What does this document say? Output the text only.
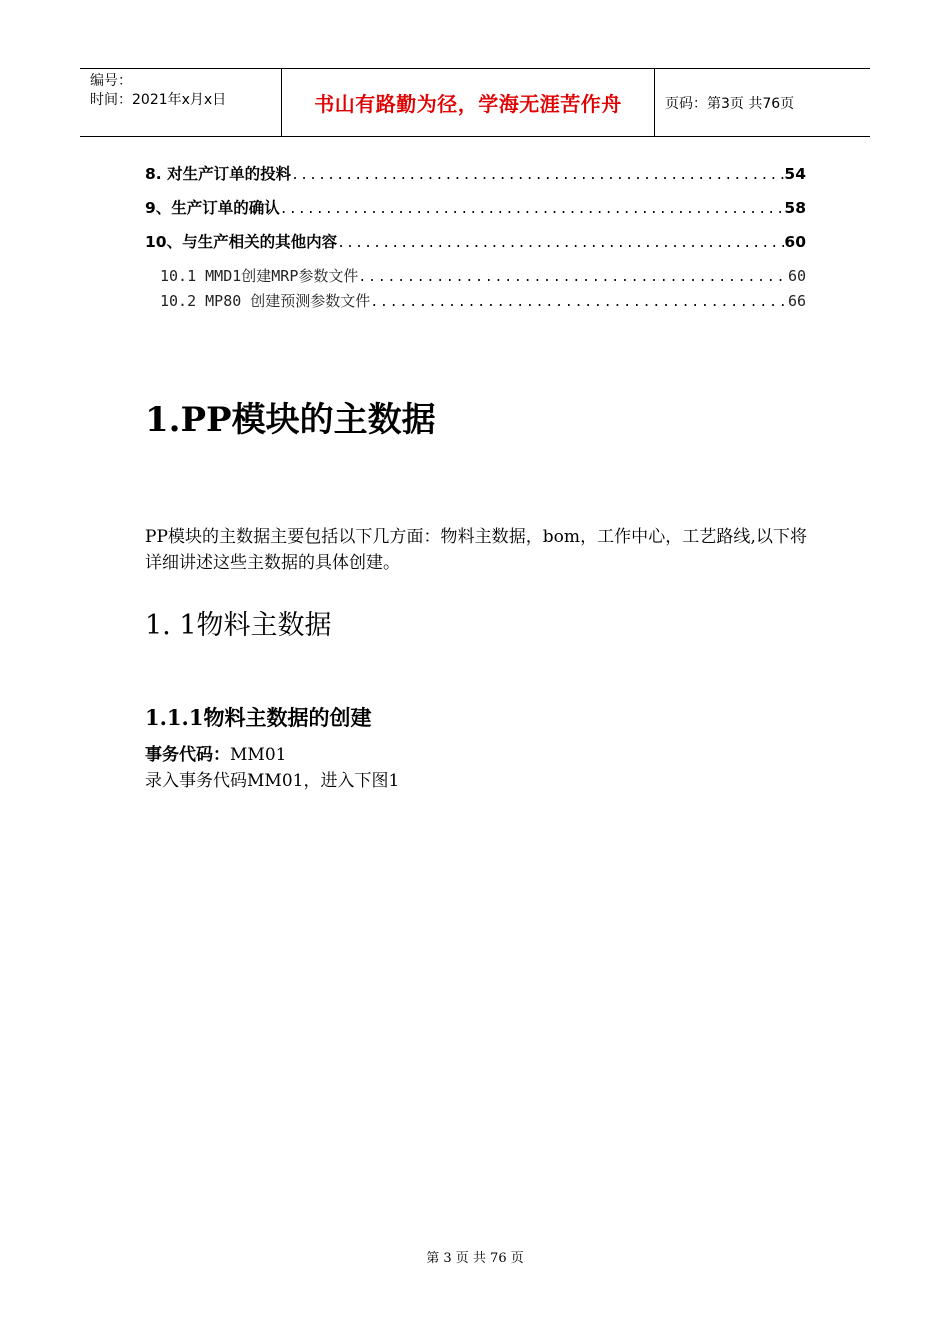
编号：
时间：2021年x月x日	书山有路勤为径，学海无涯苦作舟	页码：第3页 共76页
8. 对生产订单的投料 .....	54
9、生产订单的确认 .....	58
10、与生产相关的其他内容 .....	60
10.1 MMD1创建MRP参数文件 .....	60
10.2 MP80 创建预测参数文件 .....	66
1.PP模块的主数据
PP模块的主数据主要包括以下几方面：物料主数据，bom，工作中心，工艺路线,以下将详细讲述这些主数据的具体创建。
1. 1物料主数据
1.1.1物料主数据的创建
事务代码：MM01
录入事务代码MM01，进入下图1
第 3 页 共 76 页
